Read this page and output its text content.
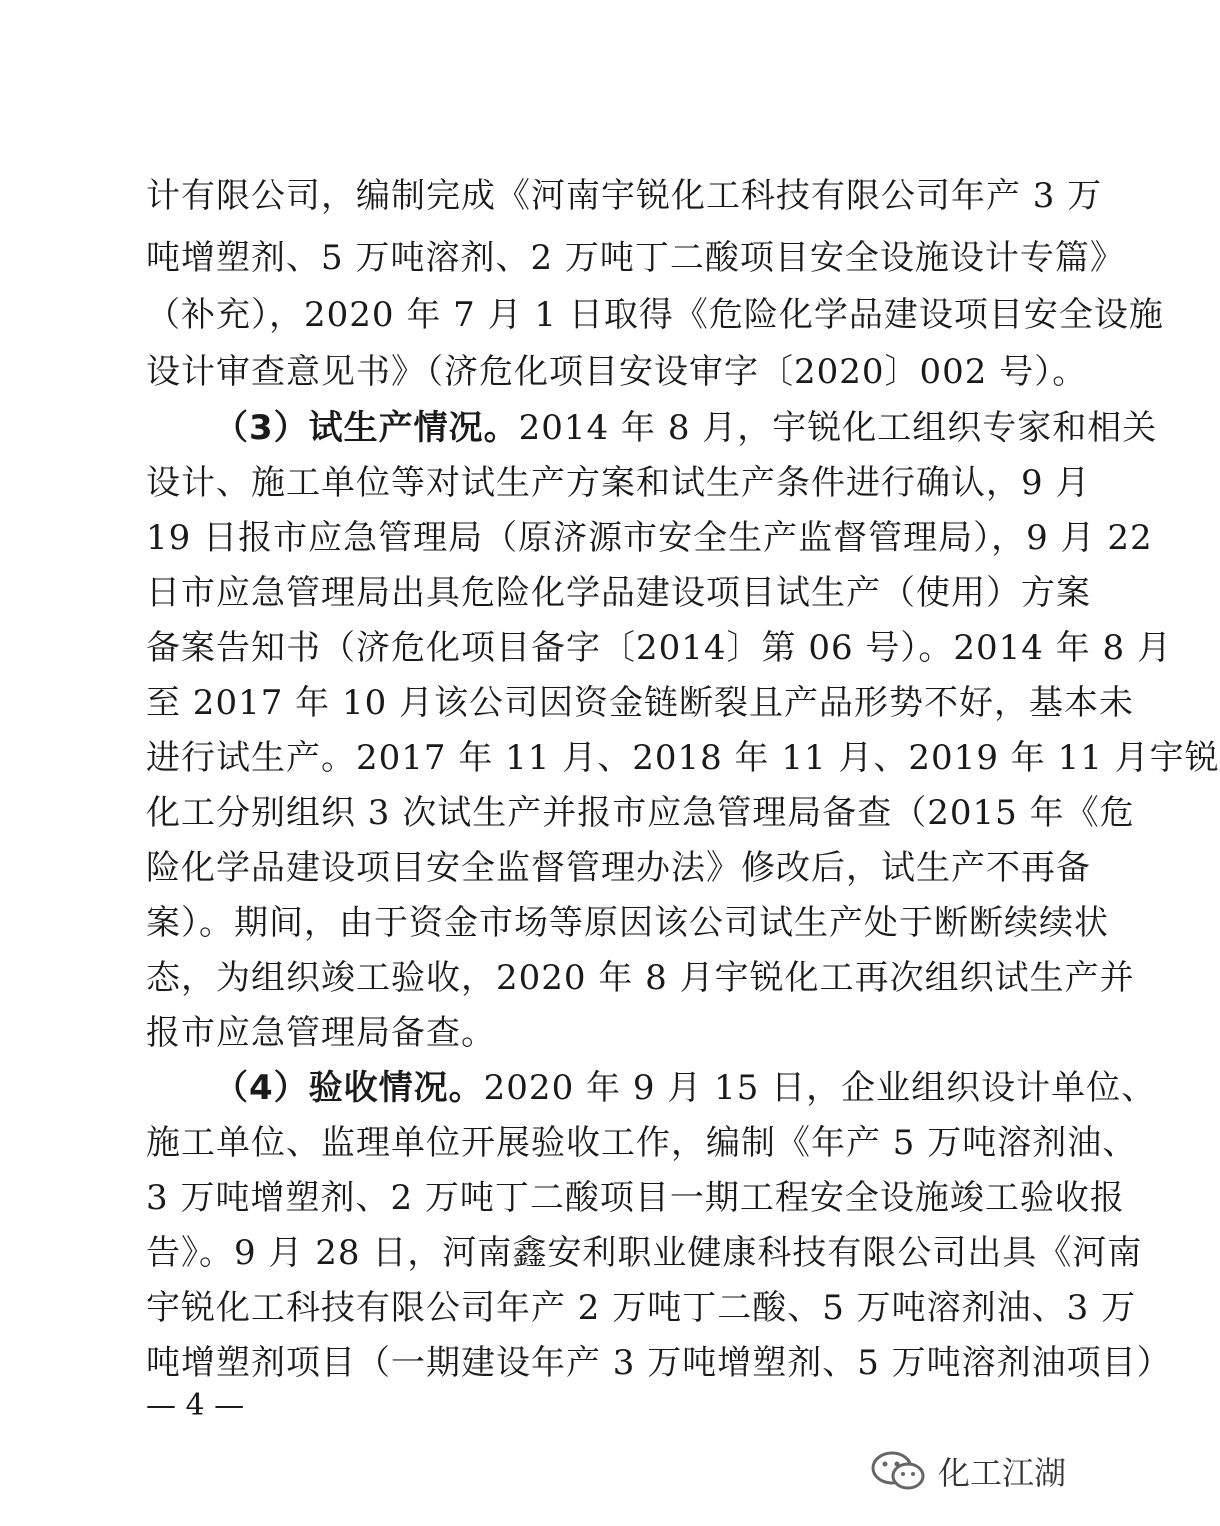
计有限公司，编制完成《河南宇锐化工科技有限公司年产 3 万
吨增塑剂、5 万吨溶剂、2 万吨丁二酸项目安全设施设计专篇》
（补充），2020 年 7 月 1 日取得《危险化学品建设项目安全设施
设计审查意见书》（济危化项目安设审字〔2020〕002 号）。
（3）试生产情况。2014 年 8 月，宇锐化工组织专家和相关
设计、施工单位等对试生产方案和试生产条件进行确认，9 月
19 日报市应急管理局（原济源市安全生产监督管理局），9 月 22
日市应急管理局出具危险化学品建设项目试生产（使用）方案
备案告知书（济危化项目备字〔2014〕第 06 号）。2014 年 8 月
至 2017 年 10 月该公司因资金链断裂且产品形势不好，基本未
进行试生产。2017 年 11 月、2018 年 11 月、2019 年 11 月宇锐
化工分别组织 3 次试生产并报市应急管理局备查（2015 年《危
险化学品建设项目安全监督管理办法》修改后，试生产不再备
案）。期间，由于资金市场等原因该公司试生产处于断断续续状
态，为组织竣工验收，2020 年 8 月宇锐化工再次组织试生产并
报市应急管理局备查。
（4）验收情况。2020 年 9 月 15 日，企业组织设计单位、
施工单位、监理单位开展验收工作，编制《年产 5 万吨溶剂油、
3 万吨增塑剂、2 万吨丁二酸项目一期工程安全设施竣工验收报
告》。9 月 28 日，河南鑫安利职业健康科技有限公司出具《河南
宇锐化工科技有限公司年产 2 万吨丁二酸、5 万吨溶剂油、3 万
吨增塑剂项目（一期建设年产 3 万吨增塑剂、5 万吨溶剂油项目）
— 4 —
化工江湖
